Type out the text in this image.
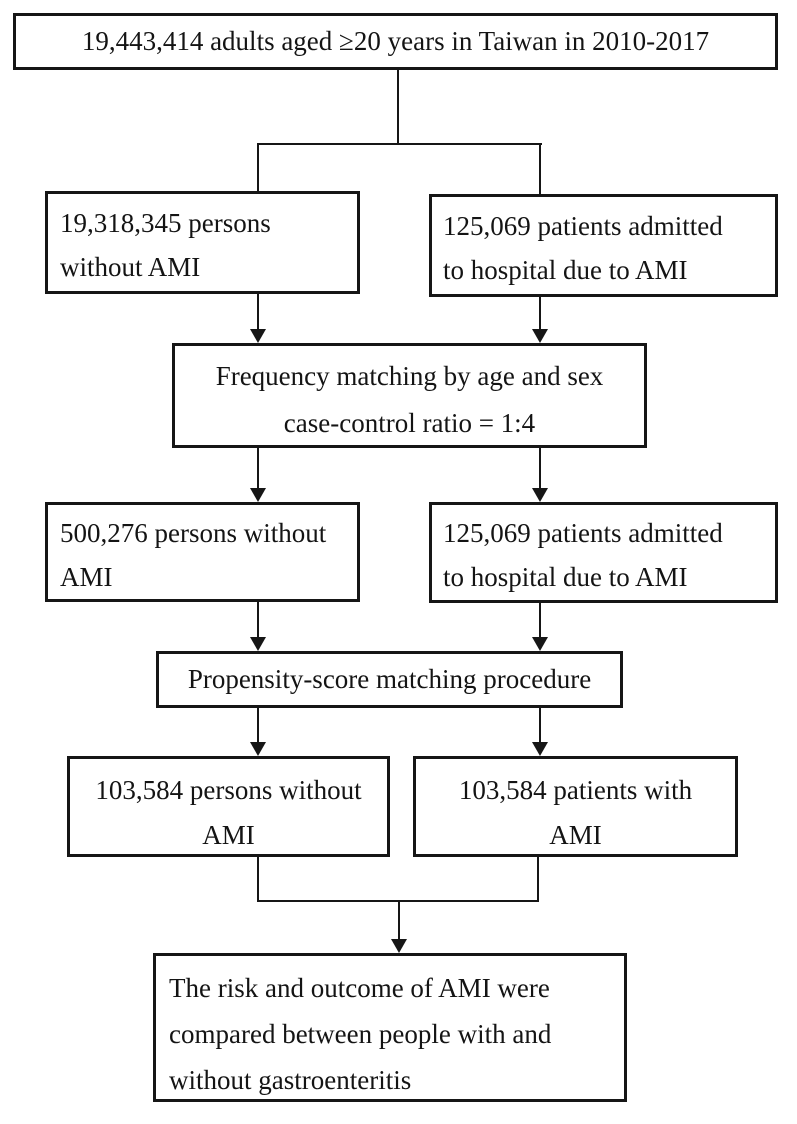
19,443,414 adults aged ≥20 years in Taiwan in 2010-2017
19,318,345 persons
without AMI
125,069 patients admitted
to hospital due to AMI
Frequency matching by age and sex
case-control ratio = 1:4
500,276 persons without
AMI
125,069 patients admitted
to hospital due to AMI
Propensity-score matching procedure
103,584 persons without
AMI
103,584 patients with
AMI
The risk and outcome of AMI were
compared between people with and
without gastroenteritis
